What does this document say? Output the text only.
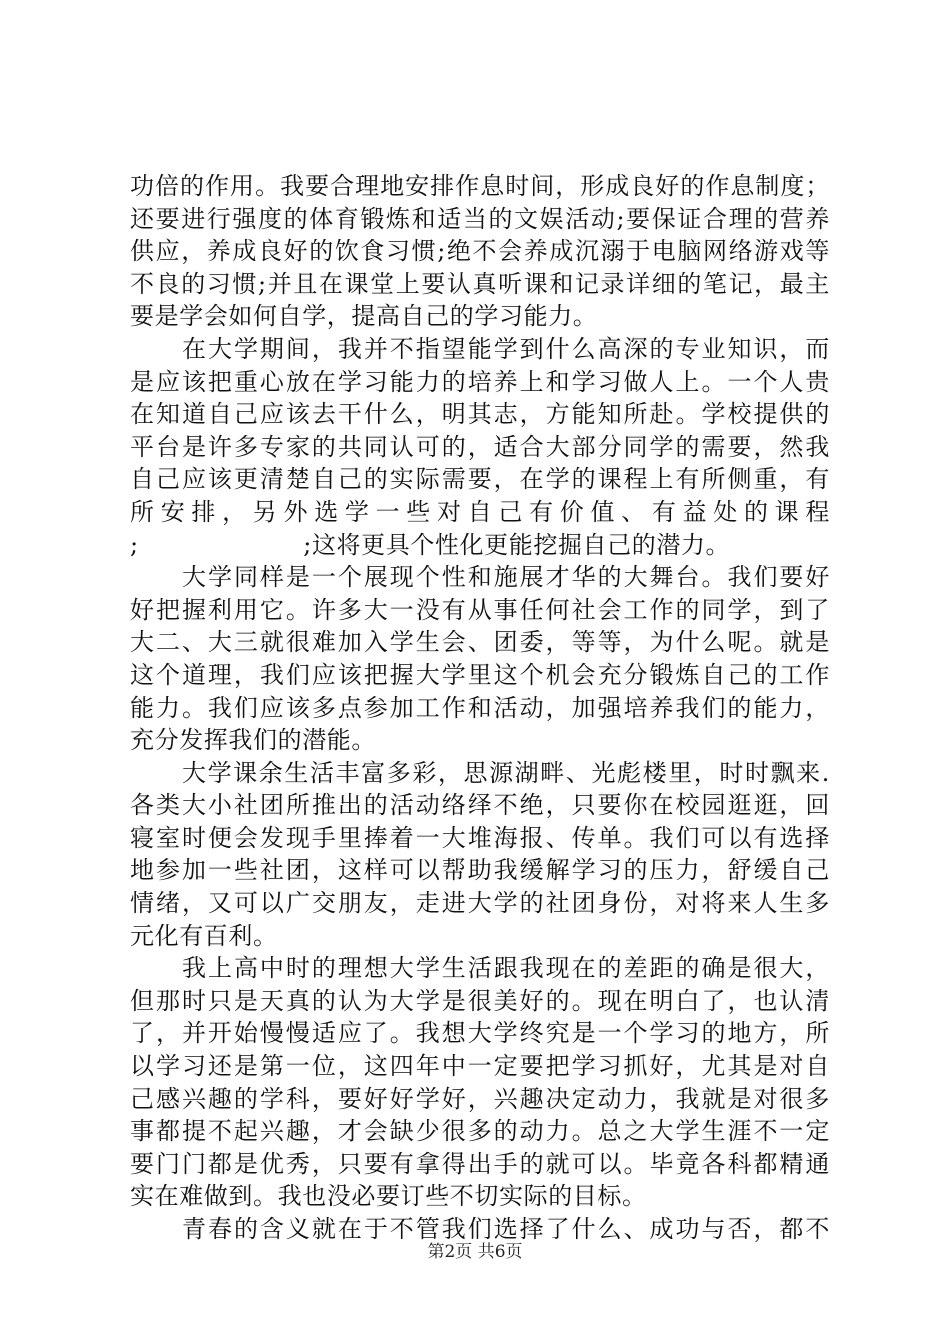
功倍的作用。我要合理地安排作息时间，形成良好的作息制度；
还要进行强度的体育锻炼和适当的文娱活动;要保证合理的营养
供应，养成良好的饮食习惯;绝不会养成沉溺于电脑网络游戏等
不良的习惯;并且在课堂上要认真听课和记录详细的笔记，最主
要是学会如何自学，提高自己的学习能力。
在大学期间，我并不指望能学到什么高深的专业知识，而
是应该把重心放在学习能力的培养上和学习做人上。一个人贵
在知道自己应该去干什么，明其志，方能知所赴。学校提供的
平台是许多专家的共同认可的，适合大部分同学的需要，然我
自己应该更清楚自己的实际需要，在学的课程上有所侧重，有
所安排，另外选学一些对自己有价值、有益处的课程
;                    ;这将更具个性化更能挖掘自己的潜力。
大学同样是一个展现个性和施展才华的大舞台。我们要好
好把握利用它。许多大一没有从事任何社会工作的同学，到了
大二、大三就很难加入学生会、团委，等等，为什么呢。就是
这个道理，我们应该把握大学里这个机会充分锻炼自己的工作
能力。我们应该多点参加工作和活动，加强培养我们的能力，
充分发挥我们的潜能。
大学课余生活丰富多彩，思源湖畔、光彪楼里，时时飘来.
各类大小社团所推出的活动络绎不绝，只要你在校园逛逛，回
寝室时便会发现手里捧着一大堆海报、传单。我们可以有选择
地参加一些社团，这样可以帮助我缓解学习的压力，舒缓自己
情绪，又可以广交朋友，走进大学的社团身份，对将来人生多
元化有百利。
我上高中时的理想大学生活跟我现在的差距的确是很大，
但那时只是天真的认为大学是很美好的。现在明白了，也认清
了，并开始慢慢适应了。我想大学终究是一个学习的地方，所
以学习还是第一位，这四年中一定要把学习抓好，尤其是对自
己感兴趣的学科，要好好学好，兴趣决定动力，我就是对很多
事都提不起兴趣，才会缺少很多的动力。总之大学生涯不一定
要门门都是优秀，只要有拿得出手的就可以。毕竟各科都精通
实在难做到。我也没必要订些不切实际的目标。
青春的含义就在于不管我们选择了什么、成功与否，都不
第2页 共6页
